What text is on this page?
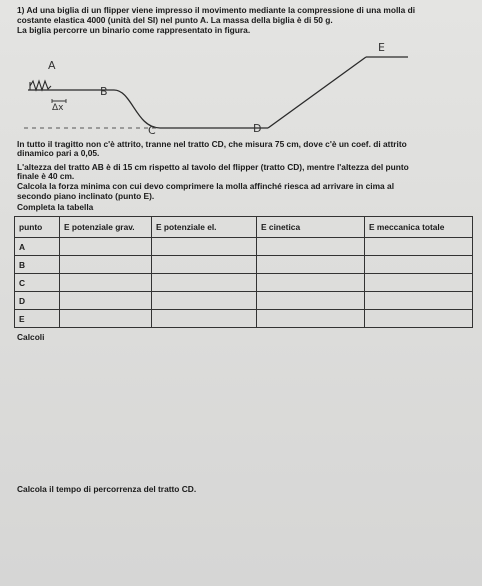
1) Ad una biglia di un flipper viene impresso il movimento mediante la compressione di una molla di
costante elastica 4000 (unità del SI) nel punto A. La massa della biglia è di 50 g.
La biglia percorre un binario come rappresentato in figura.
A
B
C	D
E
Δx
In tutto il tragitto non c'è attrito, tranne nel tratto CD, che misura 75 cm, dove c'è un coef. di attrito
dinamico pari a 0,05.
L'altezza del tratto AB è di 15 cm rispetto al tavolo del flipper (tratto CD), mentre l'altezza del punto
finale è 40 cm.
Calcola la forza minima con cui devo comprimere la molla affinché riesca ad arrivare in cima al
secondo piano inclinato (punto E).
Completa la tabella
punto	E potenziale grav.	E potenziale el.	E cinetica	E meccanica totale
A				
B				
C				
D				
E				
Calcoli
Calcola il tempo di percorrenza del tratto CD.
